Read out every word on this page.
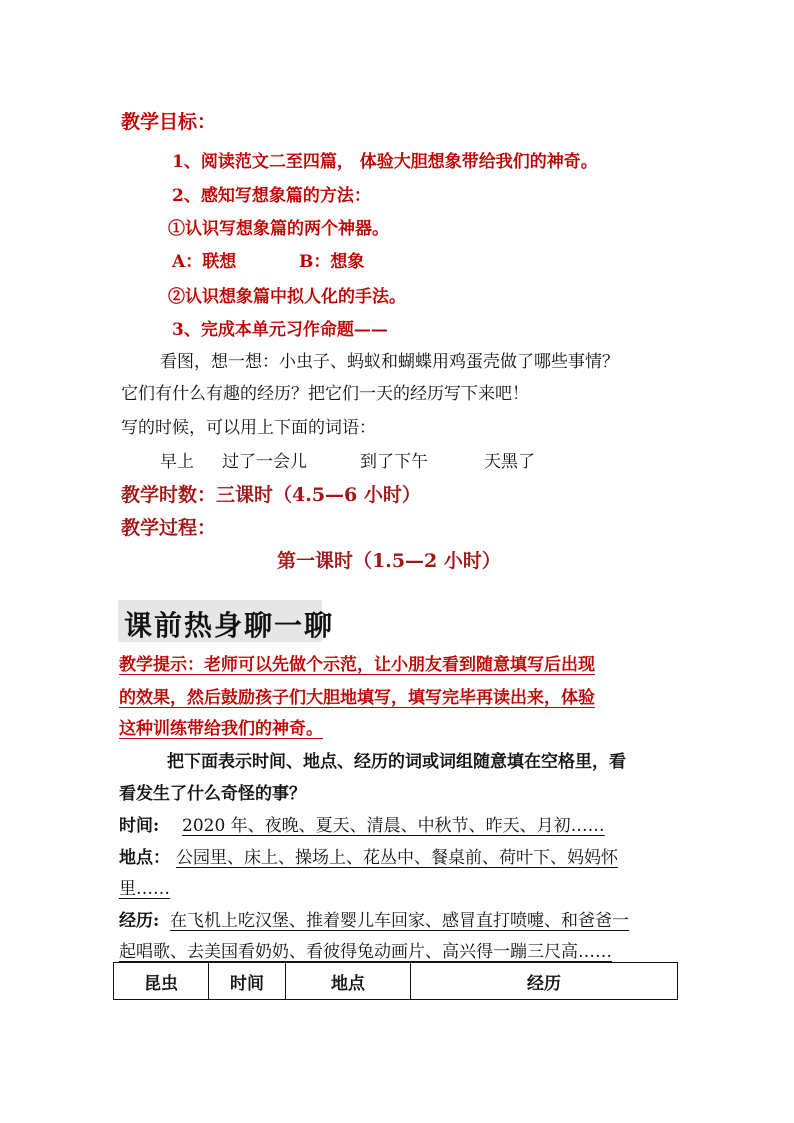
教学目标：
1、阅读范文二至四篇， 体验大胆想象带给我们的神奇。
2、感知写想象篇的方法：
①认识写想象篇的两个神器。
A：联想	B：想象
②认识想象篇中拟人化的手法。
3、完成本单元习作命题——
看图，想一想：小虫子、蚂蚁和蝴蝶用鸡蛋壳做了哪些事情？
它们有什么有趣的经历？把它们一天的经历写下来吧！
写的时候，可以用上下面的词语：
早上 过了一会儿	到了下午	天黑了
教学时数：三课时（4.5—6 小时）
教学过程：
第一课时（1.5—2 小时）
课前热身聊一聊
教学提示：老师可以先做个示范，让小朋友看到随意填写后出现
的效果，然后鼓励孩子们大胆地填写，填写完毕再读出来，体验
这种训练带给我们的神奇。
把下面表示时间、地点、经历的词或词组随意填在空格里，看
看发生了什么奇怪的事？
时间: 2020 年、夜晚、夏天、清晨、中秋节、昨天、月初……
地点： 公园里、床上、操场上、花丛中、餐桌前、荷叶下、妈妈怀
里……
经历: 在飞机上吃汉堡、推着婴儿车回家、感冒直打喷嚏、和爸爸一
起唱歌、去美国看奶奶、看彼得兔动画片、高兴得一蹦三尺高……
昆虫	时间	地点	经历
